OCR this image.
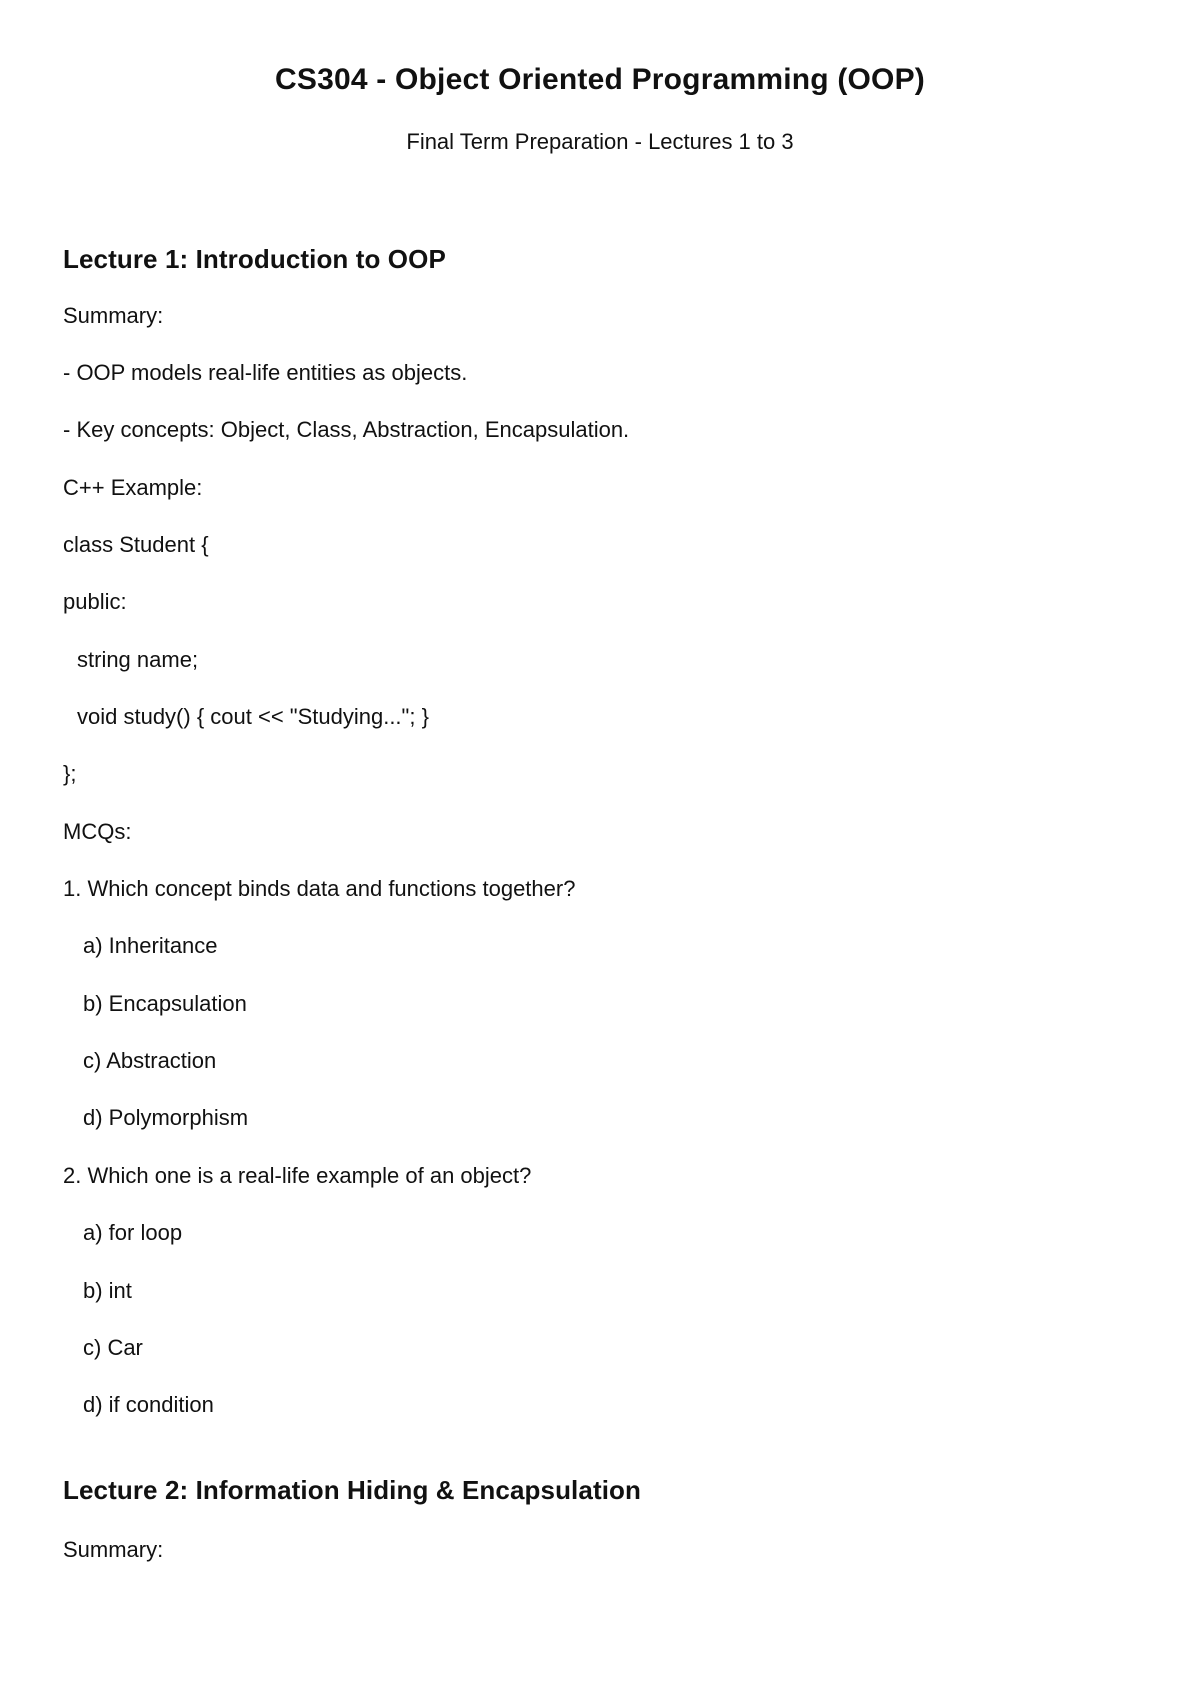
CS304 - Object Oriented Programming (OOP)

Final Term Preparation - Lectures 1 to 3

Lecture 1: Introduction to OOP

Summary:

- OOP models real-life entities as objects.

- Key concepts: Object, Class, Abstraction, Encapsulation.

C++ Example:

class Student {

public:

string name;

void study() { cout << "Studying..."; }

};

MCQs:

1. Which concept binds data and functions together?

a) Inheritance

b) Encapsulation

c) Abstraction

d) Polymorphism

2. Which one is a real-life example of an object?

a) for loop

b) int

c) Car

d) if condition

Lecture 2: Information Hiding & Encapsulation

Summary:
